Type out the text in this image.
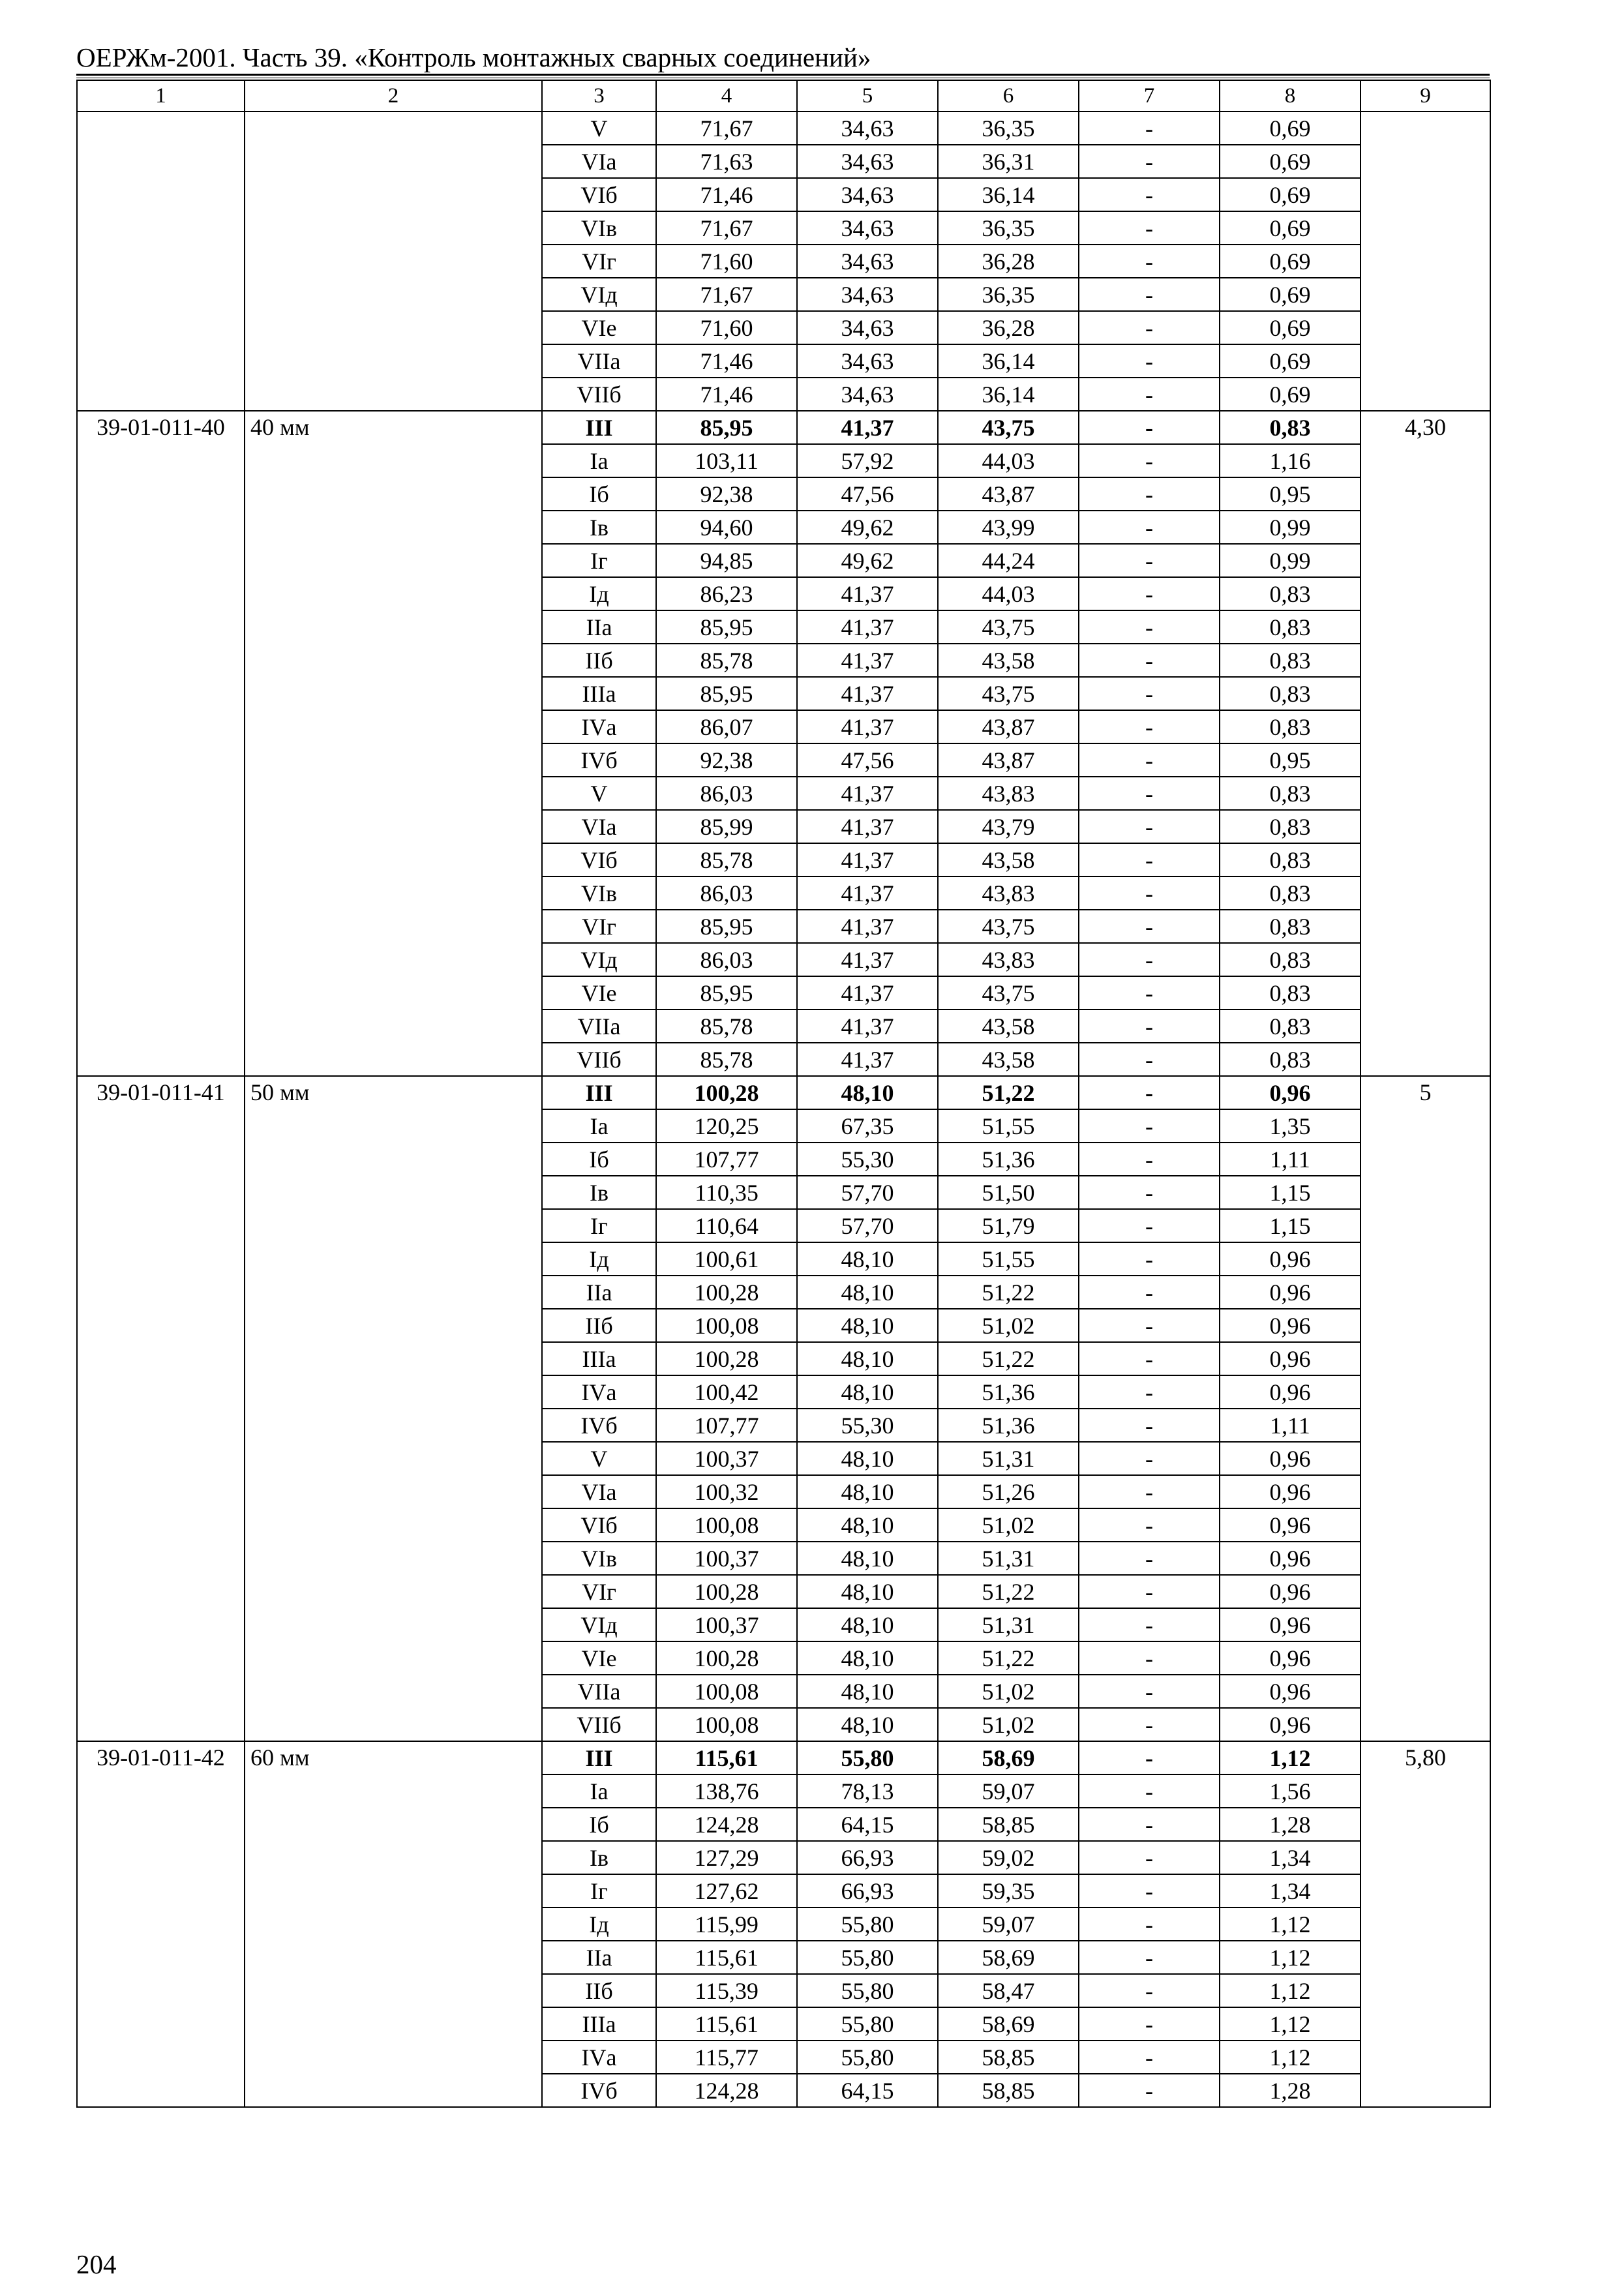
ОЕРЖм-2001. Часть 39. «Контроль монтажных сварных соединений»
1	2	3	4	5	6	7	8	9
		V	71,67	34,63	36,35	-	0,69	
		VIа	71,63	34,63	36,31	-	0,69	
		VIб	71,46	34,63	36,14	-	0,69	
		VIв	71,67	34,63	36,35	-	0,69	
		VIг	71,60	34,63	36,28	-	0,69	
		VIд	71,67	34,63	36,35	-	0,69	
		VIе	71,60	34,63	36,28	-	0,69	
		VIIа	71,46	34,63	36,14	-	0,69	
		VIIб	71,46	34,63	36,14	-	0,69	
39-01-011-40	40 мм	III	85,95	41,37	43,75	-	0,83	4,30
		Iа	103,11	57,92	44,03	-	1,16	
		Iб	92,38	47,56	43,87	-	0,95	
		Iв	94,60	49,62	43,99	-	0,99	
		Iг	94,85	49,62	44,24	-	0,99	
		Iд	86,23	41,37	44,03	-	0,83	
		IIа	85,95	41,37	43,75	-	0,83	
		IIб	85,78	41,37	43,58	-	0,83	
		IIIа	85,95	41,37	43,75	-	0,83	
		IVа	86,07	41,37	43,87	-	0,83	
		IVб	92,38	47,56	43,87	-	0,95	
		V	86,03	41,37	43,83	-	0,83	
		VIа	85,99	41,37	43,79	-	0,83	
		VIб	85,78	41,37	43,58	-	0,83	
		VIв	86,03	41,37	43,83	-	0,83	
		VIг	85,95	41,37	43,75	-	0,83	
		VIд	86,03	41,37	43,83	-	0,83	
		VIе	85,95	41,37	43,75	-	0,83	
		VIIа	85,78	41,37	43,58	-	0,83	
		VIIб	85,78	41,37	43,58	-	0,83	
39-01-011-41	50 мм	III	100,28	48,10	51,22	-	0,96	5
		Iа	120,25	67,35	51,55	-	1,35	
		Iб	107,77	55,30	51,36	-	1,11	
		Iв	110,35	57,70	51,50	-	1,15	
		Iг	110,64	57,70	51,79	-	1,15	
		Iд	100,61	48,10	51,55	-	0,96	
		IIа	100,28	48,10	51,22	-	0,96	
		IIб	100,08	48,10	51,02	-	0,96	
		IIIа	100,28	48,10	51,22	-	0,96	
		IVа	100,42	48,10	51,36	-	0,96	
		IVб	107,77	55,30	51,36	-	1,11	
		V	100,37	48,10	51,31	-	0,96	
		VIа	100,32	48,10	51,26	-	0,96	
		VIб	100,08	48,10	51,02	-	0,96	
		VIв	100,37	48,10	51,31	-	0,96	
		VIг	100,28	48,10	51,22	-	0,96	
		VIд	100,37	48,10	51,31	-	0,96	
		VIе	100,28	48,10	51,22	-	0,96	
		VIIа	100,08	48,10	51,02	-	0,96	
		VIIб	100,08	48,10	51,02	-	0,96	
39-01-011-42	60 мм	III	115,61	55,80	58,69	-	1,12	5,80
		Iа	138,76	78,13	59,07	-	1,56	
		Iб	124,28	64,15	58,85	-	1,28	
		Iв	127,29	66,93	59,02	-	1,34	
		Iг	127,62	66,93	59,35	-	1,34	
		Iд	115,99	55,80	59,07	-	1,12	
		IIа	115,61	55,80	58,69	-	1,12	
		IIб	115,39	55,80	58,47	-	1,12	
		IIIа	115,61	55,80	58,69	-	1,12	
		IVа	115,77	55,80	58,85	-	1,12	
		IVб	124,28	64,15	58,85	-	1,28	
204
